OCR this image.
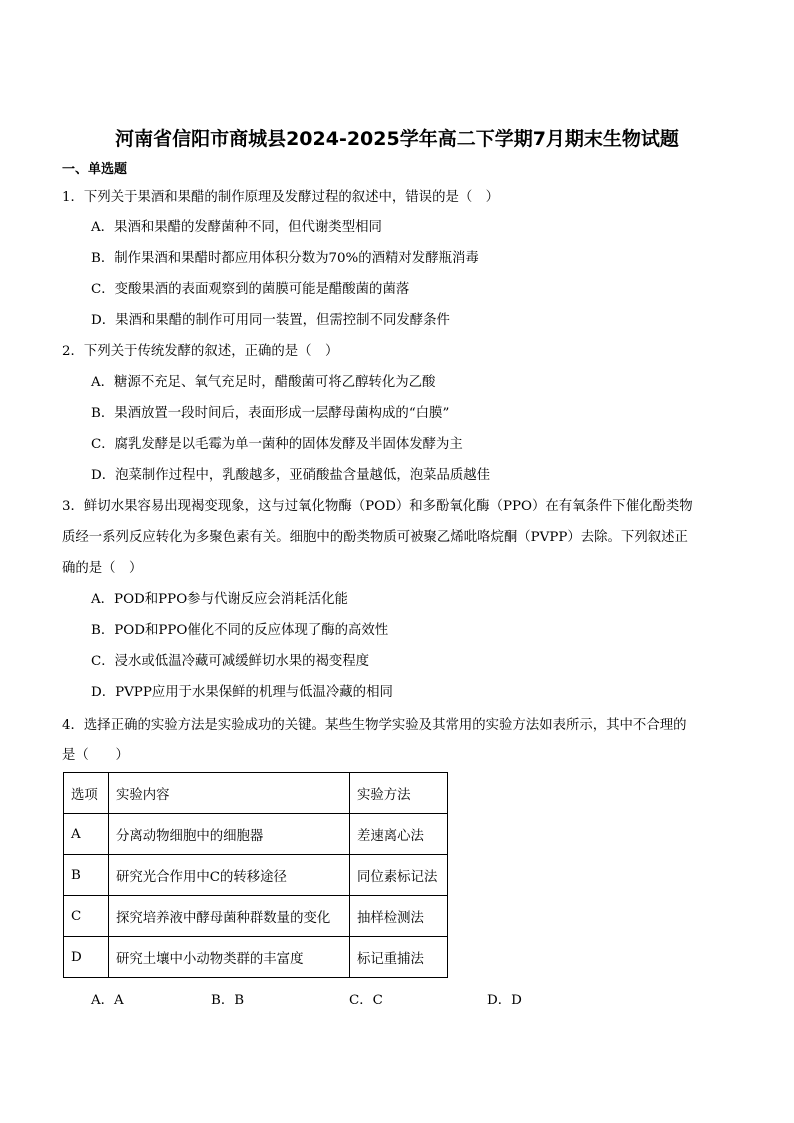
河南省信阳市商城县2024-2025学年高二下学期7月期末生物试题
一、单选题
1．下列关于果酒和果醋的制作原理及发酵过程的叙述中，错误的是（　）
A．果酒和果醋的发酵菌种不同，但代谢类型相同
B．制作果酒和果醋时都应用体积分数为70%的酒精对发酵瓶消毒
C．变酸果酒的表面观察到的菌膜可能是醋酸菌的菌落
D．果酒和果醋的制作可用同一装置，但需控制不同发酵条件
2．下列关于传统发酵的叙述，正确的是（　）
A．糖源不充足、氧气充足时，醋酸菌可将乙醇转化为乙酸
B．果酒放置一段时间后，表面形成一层酵母菌构成的“白膜”
C．腐乳发酵是以毛霉为单一菌种的固体发酵及半固体发酵为主
D．泡菜制作过程中，乳酸越多，亚硝酸盐含量越低，泡菜品质越佳
3．鲜切水果容易出现褐变现象，这与过氧化物酶（POD）和多酚氧化酶（PPO）在有氧条件下催化酚类物
质经一系列反应转化为多聚色素有关。细胞中的酚类物质可被聚乙烯吡咯烷酮（PVPP）去除。下列叙述正
确的是（　）
A．POD和PPO参与代谢反应会消耗活化能
B．POD和PPO催化不同的反应体现了酶的高效性
C．浸水或低温冷藏可减缓鲜切水果的褐变程度
D．PVPP应用于水果保鲜的机理与低温冷藏的相同
4．选择正确的实验方法是实验成功的关键。某些生物学实验及其常用的实验方法如表所示，其中不合理的
是（　　）
选项	实验内容	实验方法
A	分离动物细胞中的细胞器	差速离心法
B	研究光合作用中C的转移途径	同位素标记法
C	探究培养液中酵母菌种群数量的变化	抽样检测法
D	研究土壤中小动物类群的丰富度	标记重捕法
A．A	B．B	C．C	D．D
